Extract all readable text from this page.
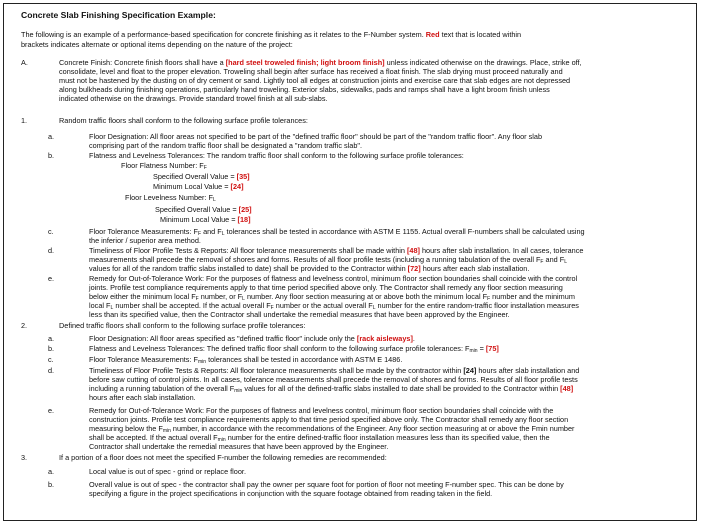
Concrete Slab Finishing Specification Example:
The following is an example of a performance-based specification for concrete finishing as it relates to the F-Number system. Red text that is located within
brackets indicates alternate or optional items depending on the nature of the project:
A.	Concrete Finish: Concrete finish floors shall have a [hard steel troweled finish; light broom finish] unless indicated otherwise on the drawings. Place, strike off,
consolidate, level and float to the proper elevation. Troweling shall begin after surface has received a float finish. The slab drying must proceed naturally and
must not be hastened by the dusting on of dry cement or sand. Lightly tool all edges at construction joints and exercise care that slab edges are not depressed
along bulkheads during finishing operations, particularly hand troweling. Exterior slabs, sidewalks, pads and ramps shall have a light broom finish unless
indicated otherwise on the drawings. Provide standard trowel finish at all sub-slabs.
1.	Random traffic floors shall conform to the following surface profile tolerances:
a.	Floor Designation: All floor areas not specified to be part of the "defined traffic floor" should be part of the "random traffic floor". Any floor slab
comprising part of the random traffic floor shall be designated a "random traffic slab".
b.	Flatness and Levelness Tolerances: The random traffic floor shall conform to the following surface profile tolerances:
Floor Flatness Number: $F_F$
Specified Overall Value = [35]
Minimum Local Value = [24]
Floor Levelness Number: $F_L$
Specified Overall Value = [25]
Minimum Local Value = [18]
c.	Floor Tolerance Measurements: $F_F$ and $F_L$ tolerances shall be tested in accordance with ASTM E 1155. Actual overall F-numbers shall be calculated using
the inferior / superior area method.
d.	Timeliness of Floor Profile Tests & Reports: All floor tolerance measurements shall be made within [48] hours after slab installation. In all cases, tolerance
measurements shall precede the removal of shores and forms. Results of all floor profile tests (including a running tabulation of the overall $F_F$ and $F_L$
values for all of the random traffic slabs installed to date) shall be provided to the Contractor within [72] hours after each slab installation.
e.	Remedy for Out-of-Tolerance Work: For the purposes of flatness and levelness control, minimum floor section boundaries shall coincide with the control
joints. Profile test compliance requirements apply to that time period specified above only. The Contractor shall remedy any floor section measuring
below either the minimum local $F_F$ number, or $F_L$ number. Any floor section measuring at or above both the minimum local $F_F$ number and the minimum
local $F_L$ number shall be accepted. If the actual overall $F_F$ number or the actual overall $F_L$ number for the entire random-traffic floor installation measures
less than its specified value, then the Contractor shall undertake the remedial measures that have been approved by the Engineer.
2.	Defined traffic floors shall conform to the following surface profile tolerances:
a.	Floor Designation: All floor areas specified as "defined traffic floor" include only the [rack aisleways].
b.	Flatness and Levelness Tolerances: The defined traffic floor shall conform to the following surface profile tolerances: $F_{min} = [75]$
c.	Floor Tolerance Measurements: $F_{min}$ tolerances shall be tested in accordance with ASTM E 1486.
d.	Timeliness of Floor Profile Tests & Reports: All floor tolerance measurements shall be made by the contractor within [24] hours after slab installation and
before saw cutting of control joints. In all cases, tolerance measurements shall precede the removal of shores and forms. Results of all floor profile tests
including a running tabulation of the overall $F_{min}$ values for all of the defined-traffic slabs installed to date shall be provided to the Contractor within [48]
hours after each slab installation.
e.	Remedy for Out-of-Tolerance Work: For the purposes of flatness and levelness control, minimum floor section boundaries shall coincide with the
construction joints. Profile test compliance requirements apply to that time period specified above only. The Contractor shall remedy any floor section
measuring below the $F_{min}$ number, in accordance with the recommendations of the Engineer. Any floor section measuring at or above the Fmin number
shall be accepted. If the actual overall $F_{min}$ number for the entire defined-traffic floor installation measures less than its specified value, then the
Contractor shall undertake the remedial measures that have been approved by the Engineer.
3.	If a portion of a floor does not meet the specified F-number the following remedies are recommended:
a.	Local value is out of spec - grind or replace floor.
b.	Overall value is out of spec - the contractor shall pay the owner per square foot for portion of floor not meeting F-number spec. This can be done by
specifying a figure in the project specifications in conjunction with the square footage obtained from reading taken in the field.
